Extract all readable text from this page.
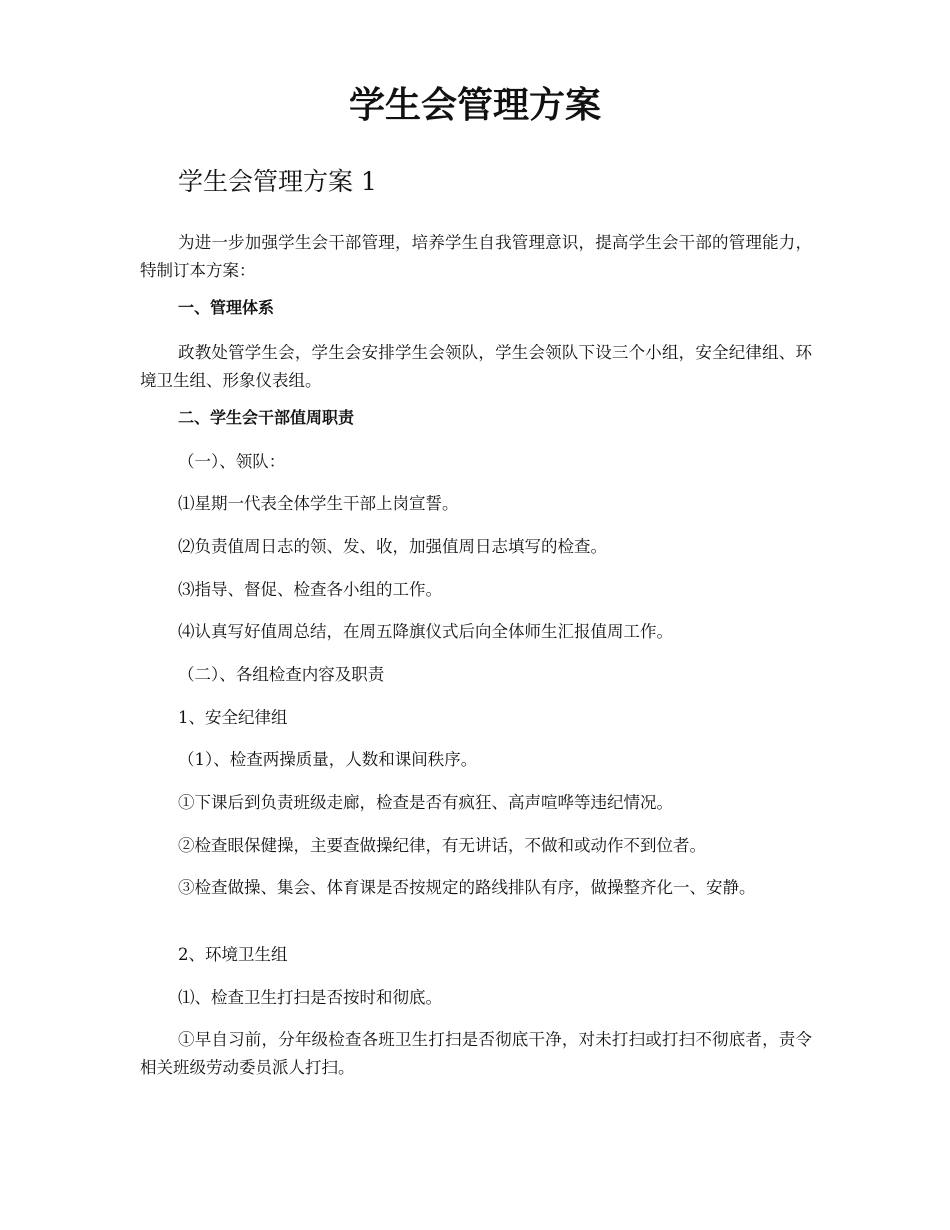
学生会管理方案
学生会管理方案 1

为进一步加强学生会干部管理，培养学生自我管理意识，提高学生会干部的管理能力，特制订本方案：

一、管理体系

政教处管学生会，学生会安排学生会领队，学生会领队下设三个小组，安全纪律组、环境卫生组、形象仪表组。

二、学生会干部值周职责

（一）、领队：

⑴星期一代表全体学生干部上岗宣誓。

⑵负责值周日志的领、发、收，加强值周日志填写的检查。

⑶指导、督促、检查各小组的工作。

⑷认真写好值周总结，在周五降旗仪式后向全体师生汇报值周工作。

（二）、各组检查内容及职责

1、安全纪律组

（1）、检查两操质量，人数和课间秩序。

①下课后到负责班级走廊，检查是否有疯狂、高声喧哗等违纪情况。

②检查眼保健操，主要查做操纪律，有无讲话，不做和或动作不到位者。

③检查做操、集会、体育课是否按规定的路线排队有序，做操整齐化一、安静。

2、环境卫生组

⑴、检查卫生打扫是否按时和彻底。

①早自习前，分年级检查各班卫生打扫是否彻底干净，对未打扫或打扫不彻底者，责令相关班级劳动委员派人打扫。
